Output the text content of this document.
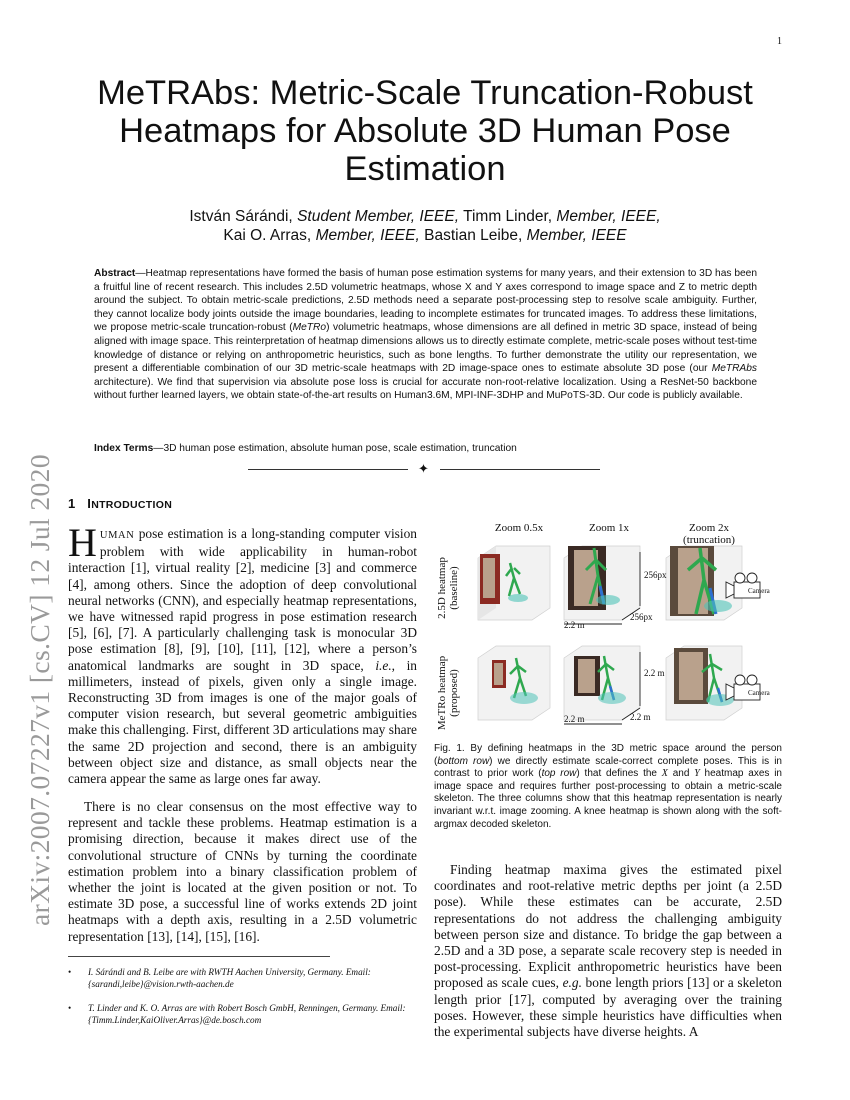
1
arXiv:2007.07227v1 [cs.CV] 12 Jul 2020
MeTRAbs: Metric-Scale Truncation-Robust Heatmaps for Absolute 3D Human Pose Estimation
István Sárándi, Student Member, IEEE, Timm Linder, Member, IEEE,
Kai O. Arras, Member, IEEE, Bastian Leibe, Member, IEEE
Abstract—Heatmap representations have formed the basis of human pose estimation systems for many years, and their extension to 3D has been a fruitful line of recent research. This includes 2.5D volumetric heatmaps, whose X and Y axes correspond to image space and Z to metric depth around the subject. To obtain metric-scale predictions, 2.5D methods need a separate post-processing step to resolve scale ambiguity. Further, they cannot localize body joints outside the image boundaries, leading to incomplete estimates for truncated images. To address these limitations, we propose metric-scale truncation-robust (MeTRo) volumetric heatmaps, whose dimensions are all defined in metric 3D space, instead of being aligned with image space. This reinterpretation of heatmap dimensions allows us to directly estimate complete, metric-scale poses without test-time knowledge of distance or relying on anthropometric heuristics, such as bone lengths. To further demonstrate the utility our representation, we present a differentiable combination of our 3D metric-scale heatmaps with 2D image-space ones to estimate absolute 3D pose (our MeTRAbs architecture). We find that supervision via absolute pose loss is crucial for accurate non-root-relative localization. Using a ResNet-50 backbone without further learned layers, we obtain state-of-the-art results on Human3.6M, MPI-INF-3DHP and MuPoTS-3D. Our code is publicly available.
Index Terms—3D human pose estimation, absolute human pose, scale estimation, truncation
✦
1 INTRODUCTION
HUMAN pose estimation is a long-standing computer vision problem with wide applicability in human-robot interaction [1], virtual reality [2], medicine [3] and commerce [4], among others. Since the adoption of deep convolutional neural networks (CNN), and especially heatmap representations, we have witnessed rapid progress in pose estimation research [5], [6], [7]. A particularly challenging task is monocular 3D pose estimation [8], [9], [10], [11], [12], where a person’s anatomical landmarks are sought in 3D space, i.e., in millimeters, instead of pixels, given only a single image. Reconstructing 3D from images is one of the major goals of computer vision research, but several geometric ambiguities make this challenging. First, different 3D articulations may share the same 2D projection and second, there is an ambiguity between object size and distance, as small objects near the camera appear the same as large ones far away.
There is no clear consensus on the most effective way to represent and tackle these problems. Heatmap estimation is a promising direction, because it makes direct use of the convolutional structure of CNNs by turning the coordinate estimation problem into a binary classification problem of whether the joint is located at the given position or not. To estimate 3D pose, a successful line of works extends 2D joint heatmaps with a depth axis, resulting in a 2.5D volumetric representation [13], [14], [15], [16].
• I. Sárándi and B. Leibe are with RWTH Aachen University, Germany. Email: {sarandi,leibe}@vision.rwth-aachen.de
• T. Linder and K. O. Arras are with Robert Bosch GmbH, Renningen, Germany. Email: {Timm.Linder,KaiOliver.Arras}@de.bosch.com
Zoom 0.5x	Zoom 1x	Zoom 2x
(truncation)
2.5D heatmap (baseline)
MeTRo heatmap (proposed)
256px
256px
2.2 m
Camera
2.2 m
2.2 m
2.2 m
Camera
Fig. 1. By defining heatmaps in the 3D metric space around the person (bottom row) we directly estimate scale-correct complete poses. This is in contrast to prior work (top row) that defines the X and Y heatmap axes in image space and requires further post-processing to obtain a metric-scale skeleton. The three columns show that this heatmap representation is nearly invariant w.r.t. image zooming. A knee heatmap is shown along with the soft-argmax decoded skeleton.
Finding heatmap maxima gives the estimated pixel coordinates and root-relative metric depths per joint (a 2.5D pose). While these estimates can be accurate, 2.5D representations do not address the challenging ambiguity between person size and distance. To bridge the gap between a 2.5D and a 3D pose, a separate scale recovery step is needed in post-processing. Explicit anthropometric heuristics have been proposed as scale cues, e.g. bone length priors [13] or a skeleton length prior [17], computed by averaging over the training poses. However, these simple heuristics have difficulties when the experimental subjects have diverse heights. A
